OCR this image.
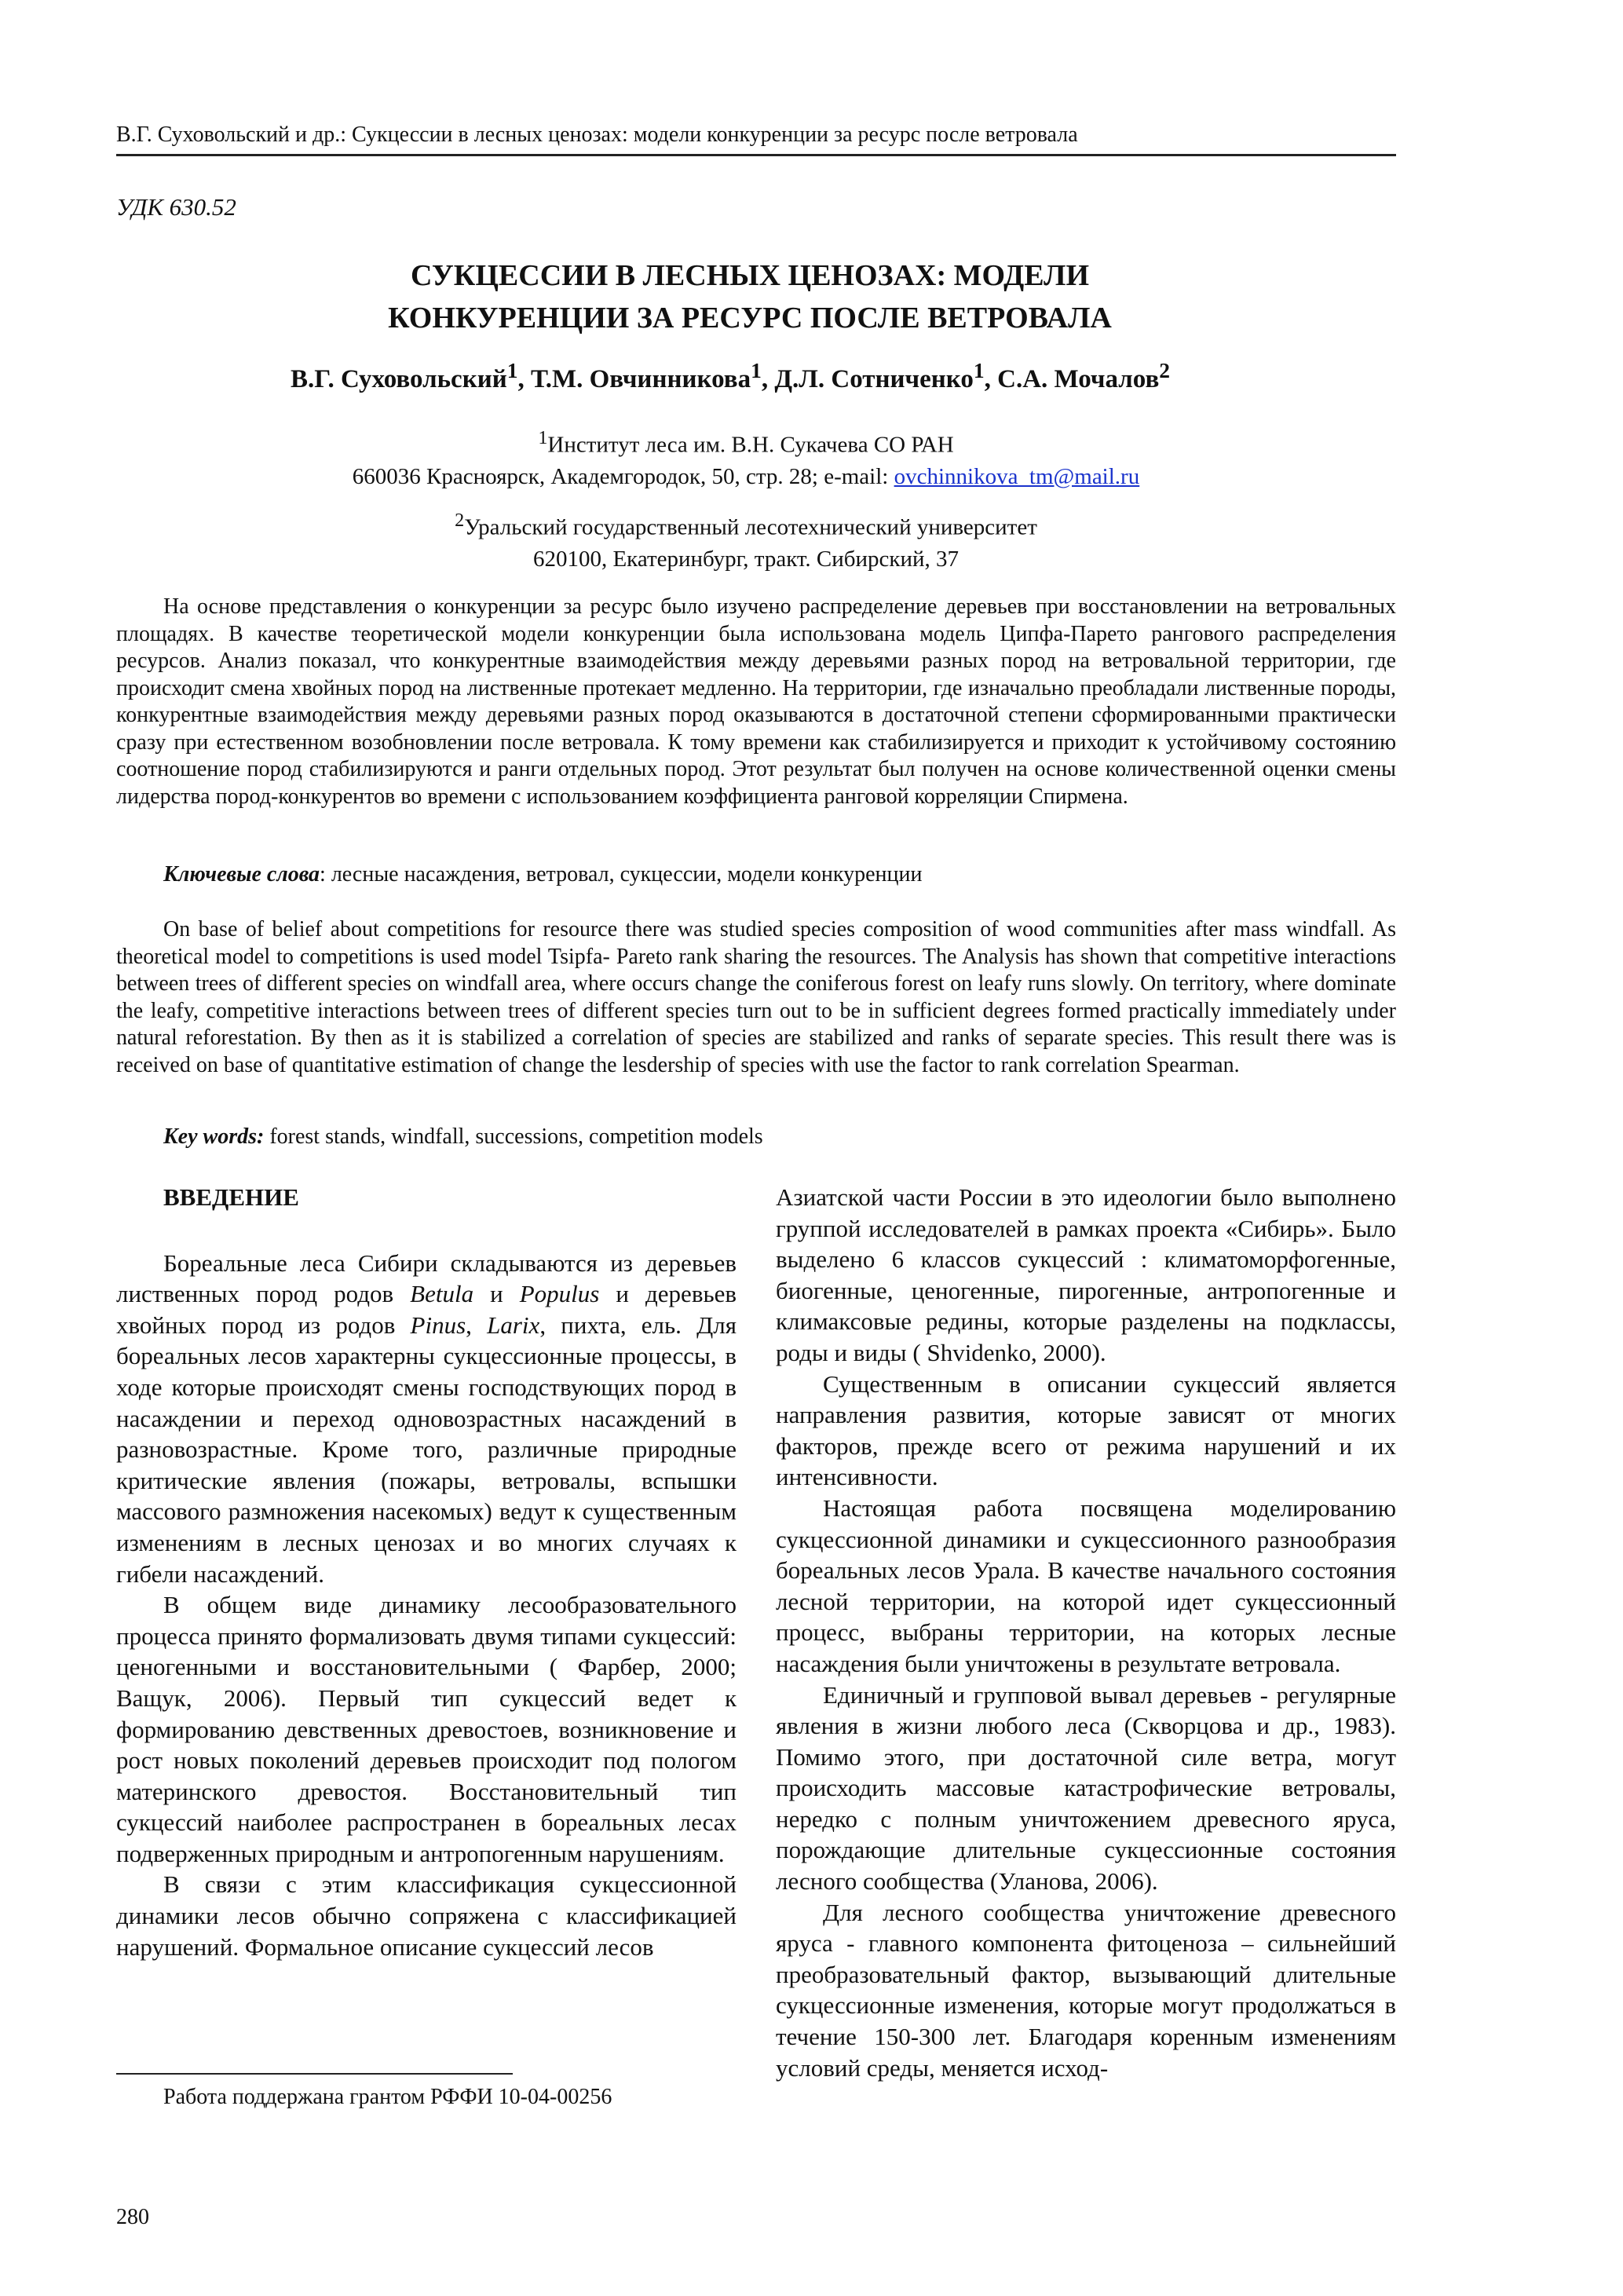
В.Г. Суховольский и др.: Сукцессии в лесных ценозах: модели конкуренции за ресурс после ветровала
УДК 630.52
СУКЦЕССИИ В ЛЕСНЫХ ЦЕНОЗАХ: МОДЕЛИ
КОНКУРЕНЦИИ ЗА РЕСУРС ПОСЛЕ ВЕТРОВАЛА
В.Г. Суховольский$^1$, Т.М. Овчинникова$^1$, Д.Л. Сотниченко$^1$, С.А. Мочалов$^2$
$^1$Институт леса им. В.Н. Сукачева СО РАН
660036 Красноярск, Академгородок, 50, стр. 28; e-mail: ovchinnikova_tm@mail.ru
$^2$Уральский государственный лесотехнический университет
620100, Екатеринбург, тракт. Сибирский, 37
На основе представления о конкуренции за ресурс было изучено распределение деревьев при восстановлении на ветровальных площадях. В качестве теоретической модели конкуренции была использована модель Ципфа-Парето рангового распределения ресурсов. Анализ показал, что конкурентные взаимодействия между деревьями разных пород на ветровальной территории, где происходит смена хвойных пород на лиственные протекает медленно. На территории, где изначально преобладали лиственные породы, конкурентные взаимодействия между деревьями разных пород оказываются в достаточной степени сформированными практически сразу при естественном возобновлении после ветровала. К тому времени как стабилизируется и приходит к устойчивому состоянию соотношение пород стабилизируются и ранги отдельных пород. Этот результат был получен на основе количественной оценки смены лидерства пород-конкурентов во времени с использованием коэффициента ранговой корреляции Спирмена.
Ключевые слова: лесные насаждения, ветровал, сукцессии, модели конкуренции
On base of belief about competitions for resource there was studied species composition of wood communities after mass windfall. As theoretical model to competitions is used model Tsipfa- Pareto rank sharing the resources. The Analysis has shown that competitive interactions between trees of different species on windfall area, where occurs change the coniferous forest on leafy runs slowly. On territory, where dominate the leafy, competitive interactions between trees of different species turn out to be in sufficient degrees formed practically immediately under natural reforestation. By then as it is stabilized a correlation of species are stabilized and ranks of separate species. This result there was is received on base of quantitative estimation of change the lesdership of species with use the factor to rank correlation Spearman.
Key words: forest stands, windfall, successions, competition models
ВВЕДЕНИЕ

Бореальные леса Сибири складываются из деревьев лиственных пород родов Betula и Populus и деревьев хвойных пород из родов Pinus, Larix, пихта, ель. Для бореальных лесов характерны сукцессионные процессы, в ходе которые происходят смены господствующих пород в насаждении и переход одновозрастных насаждений в разновозрастные. Кроме того, различные природные критические явления (пожары, ветровалы, вспышки массового размножения насекомых) ведут к существенным изменениям в лесных ценозах и во многих случаях к гибели насаждений.

В общем виде динамику лесообразовательного процесса принято формализовать двумя типами сукцессий: ценогенными и восстановительными ( Фарбер, 2000; Ващук, 2006). Первый тип сукцессий ведет к формированию девственных древостоев, возникновение и рост новых поколений деревьев происходит под пологом материнского древостоя. Восстановительный тип сукцессий наиболее распространен в бореальных лесах подверженных природным и антропогенным нарушениям.

В связи с этим классификация сукцессионной динамики лесов обычно сопряжена с классификацией нарушений. Формальное описание сукцессий лесов

Азиатской части России в это идеологии было выполнено группой исследователей в рамках проекта «Сибирь». Было выделено 6 классов сукцессий : климатоморфогенные, биогенные, ценогенные, пирогенные, антропогенные и климаксовые редины, которые разделены на подклассы, роды и виды ( Shvidenko, 2000).

Существенным в описании сукцессий является направления развития, которые зависят от многих факторов, прежде всего от режима нарушений и их интенсивности.

Настоящая работа посвящена моделированию сукцессионной динамики и сукцессионного разнообразия бореальных лесов Урала. В качестве начального состояния лесной территории, на которой идет сукцессионный процесс, выбраны территории, на которых лесные насаждения были уничтожены в результате ветровала.

Единичный и групповой вывал деревьев - регулярные явления в жизни любого леса (Скворцова и др., 1983). Помимо этого, при достаточной силе ветра, могут происходить массовые катастрофические ветровалы, нередко с полным уничтожением древесного яруса, порождающие длительные сукцессионные состояния лесного сообщества (Уланова, 2006).

Для лесного сообщества уничтожение древесного яруса - главного компонента фитоценоза – сильнейший преобразовательный фактор, вызывающий длительные сукцессионные изменения, которые могут продолжаться в течение 150-300 лет. Благодаря коренным изменениям условий среды, меняется исход-

Работа поддержана грантом РФФИ 10-04-00256
280
